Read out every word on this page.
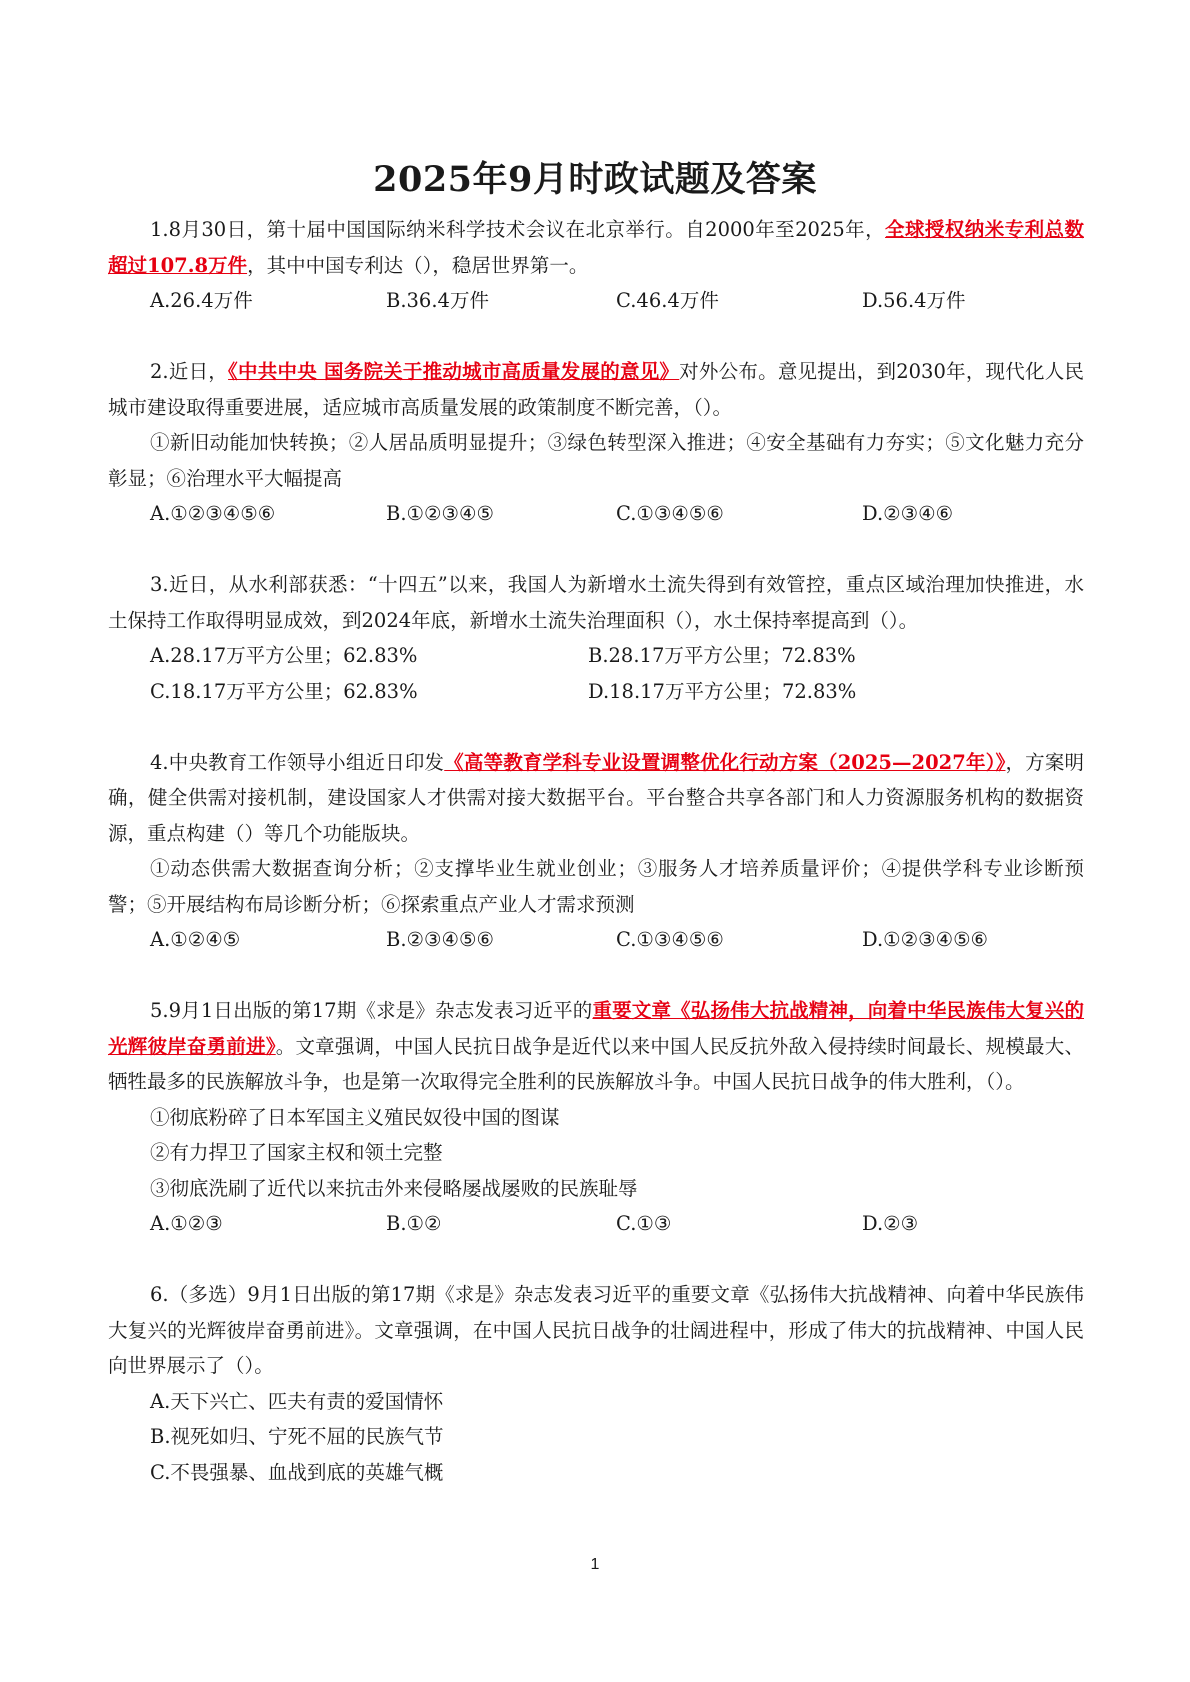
2025年9月时政试题及答案

1.8月30日，第十届中国国际纳米科学技术会议在北京举行。自2000年至2025年，全球授权纳米专利总数超过107.8万件，其中中国专利达（），稳居世界第一。

A.26.4万件	B.36.4万件	C.46.4万件	D.56.4万件

2.近日，《中共中央 国务院关于推动城市高质量发展的意见》对外公布。意见提出，到2030年，现代化人民城市建设取得重要进展，适应城市高质量发展的政策制度不断完善，（）。

①新旧动能加快转换；②人居品质明显提升；③绿色转型深入推进；④安全基础有力夯实；⑤文化魅力充分彰显；⑥治理水平大幅提高

A.①②③④⑤⑥	B.①②③④⑤	C.①③④⑤⑥	D.②③④⑥

3.近日，从水利部获悉：“十四五”以来，我国人为新增水土流失得到有效管控，重点区域治理加快推进，水土保持工作取得明显成效，到2024年底，新增水土流失治理面积（），水土保持率提高到（）。

A.28.17万平方公里；62.83%	B.28.17万平方公里；72.83%
C.18.17万平方公里；62.83%	D.18.17万平方公里；72.83%

4.中央教育工作领导小组近日印发《高等教育学科专业设置调整优化行动方案（2025—2027年）》，方案明确，健全供需对接机制，建设国家人才供需对接大数据平台。平台整合共享各部门和人力资源服务机构的数据资源，重点构建（）等几个功能版块。

①动态供需大数据查询分析；②支撑毕业生就业创业；③服务人才培养质量评价；④提供学科专业诊断预警；⑤开展结构布局诊断分析；⑥探索重点产业人才需求预测

A.①②④⑤	B.②③④⑤⑥	C.①③④⑤⑥	D.①②③④⑤⑥

5.9月1日出版的第17期《求是》杂志发表习近平的重要文章《弘扬伟大抗战精神，向着中华民族伟大复兴的光辉彼岸奋勇前进》。文章强调，中国人民抗日战争是近代以来中国人民反抗外敌入侵持续时间最长、规模最大、牺牲最多的民族解放斗争，也是第一次取得完全胜利的民族解放斗争。中国人民抗日战争的伟大胜利，（）。

①彻底粉碎了日本军国主义殖民奴役中国的图谋

②有力捍卫了国家主权和领土完整

③彻底洗刷了近代以来抗击外来侵略屡战屡败的民族耻辱

A.①②③	B.①②	C.①③	D.②③

6.（多选）9月1日出版的第17期《求是》杂志发表习近平的重要文章《弘扬伟大抗战精神、向着中华民族伟大复兴的光辉彼岸奋勇前进》。文章强调，在中国人民抗日战争的壮阔进程中，形成了伟大的抗战精神、中国人民向世界展示了（）。

A.天下兴亡、匹夫有责的爱国情怀

B.视死如归、宁死不屈的民族气节

C.不畏强暴、血战到底的英雄气概

1
